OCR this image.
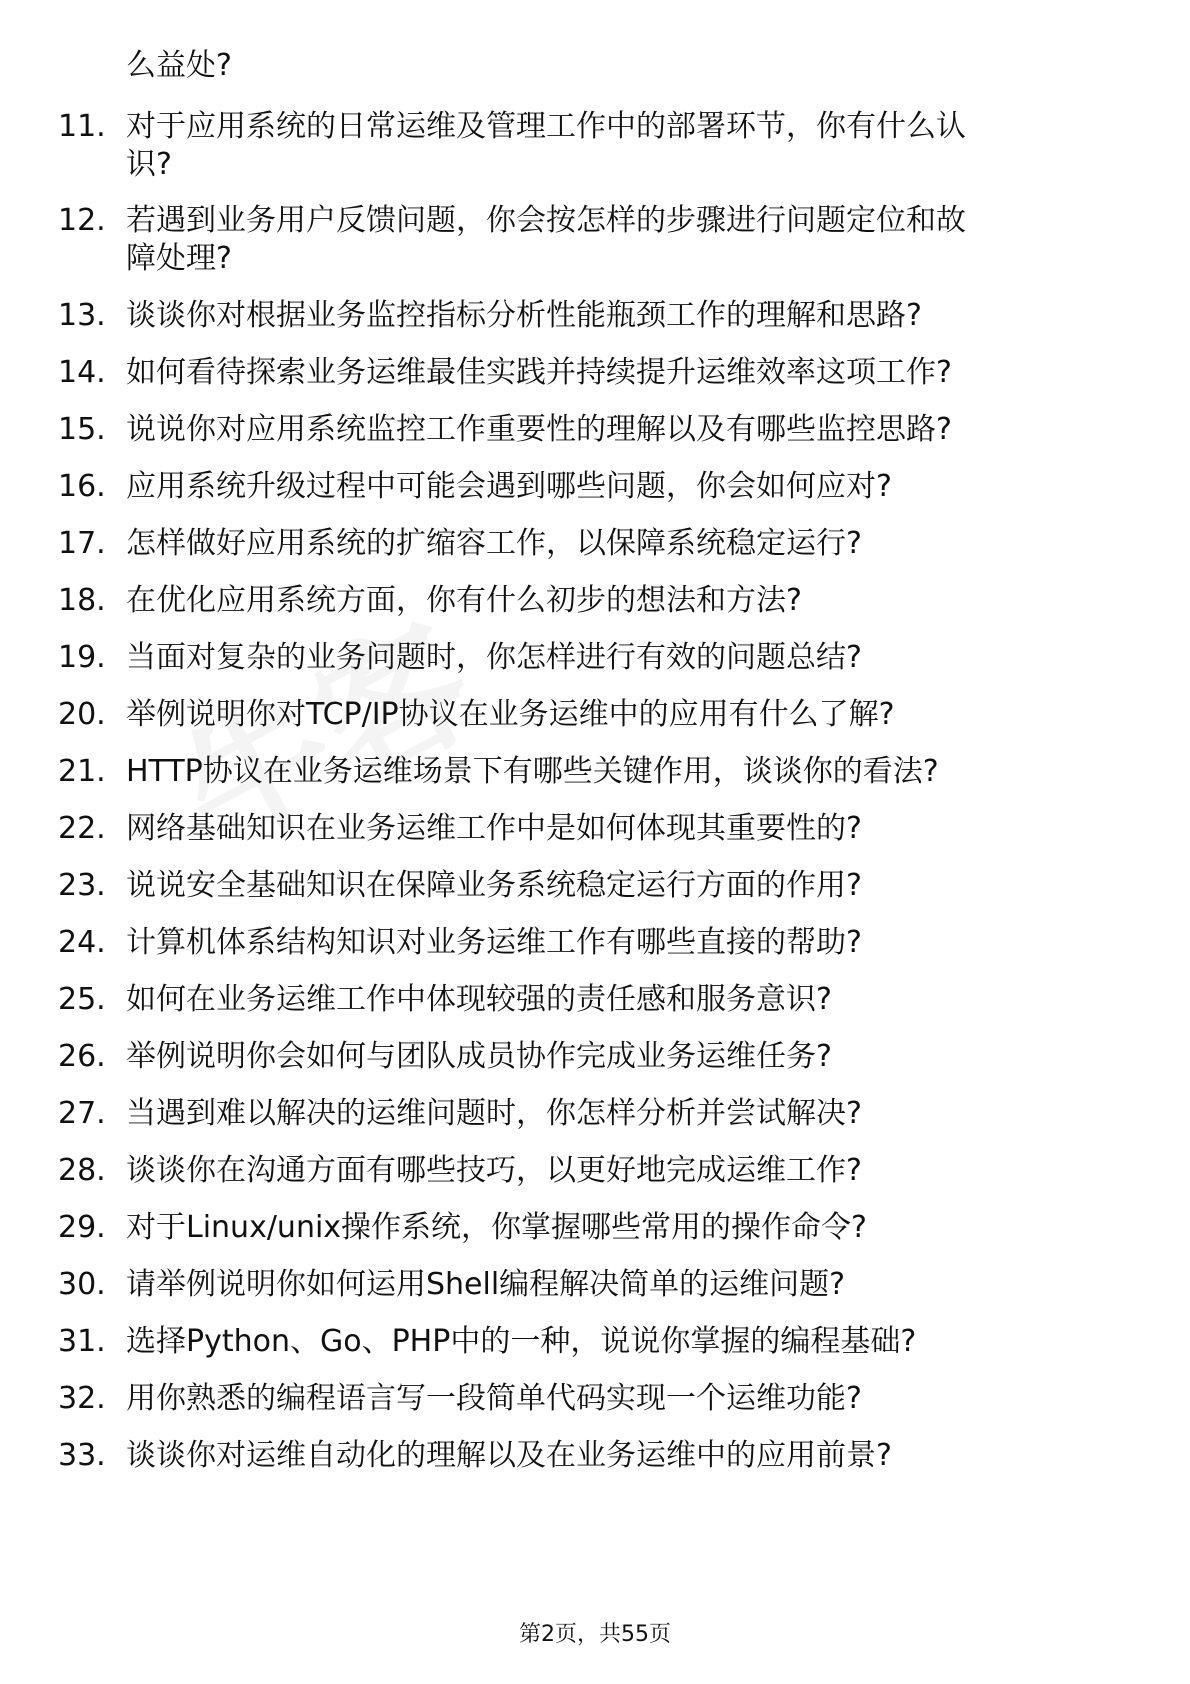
么益处?
11. 对于应用系统的日常运维及管理工作中的部署环节，你有什么认
识?
12. 若遇到业务用户反馈问题，你会按怎样的步骤进行问题定位和故
障处理?
13. 谈谈你对根据业务监控指标分析性能瓶颈工作的理解和思路?
14. 如何看待探索业务运维最佳实践并持续提升运维效率这项工作?
15. 说说你对应用系统监控工作重要性的理解以及有哪些监控思路?
16. 应用系统升级过程中可能会遇到哪些问题，你会如何应对?
17. 怎样做好应用系统的扩缩容工作，以保障系统稳定运行?
18. 在优化应用系统方面，你有什么初步的想法和方法?
19. 当面对复杂的业务问题时，你怎样进行有效的问题总结?
20. 举例说明你对TCP/IP协议在业务运维中的应用有什么了解?
21. HTTP协议在业务运维场景下有哪些关键作用，谈谈你的看法?
22. 网络基础知识在业务运维工作中是如何体现其重要性的?
23. 说说安全基础知识在保障业务系统稳定运行方面的作用?
24. 计算机体系结构知识对业务运维工作有哪些直接的帮助?
25. 如何在业务运维工作中体现较强的责任感和服务意识?
26. 举例说明你会如何与团队成员协作完成业务运维任务?
27. 当遇到难以解决的运维问题时，你怎样分析并尝试解决?
28. 谈谈你在沟通方面有哪些技巧，以更好地完成运维工作?
29. 对于Linux/unix操作系统，你掌握哪些常用的操作命令?
30. 请举例说明你如何运用Shell编程解决简单的运维问题?
31. 选择Python、Go、PHP中的一种，说说你掌握的编程基础?
32. 用你熟悉的编程语言写一段简单代码实现一个运维功能?
33. 谈谈你对运维自动化的理解以及在业务运维中的应用前景?
第2页，共55页
